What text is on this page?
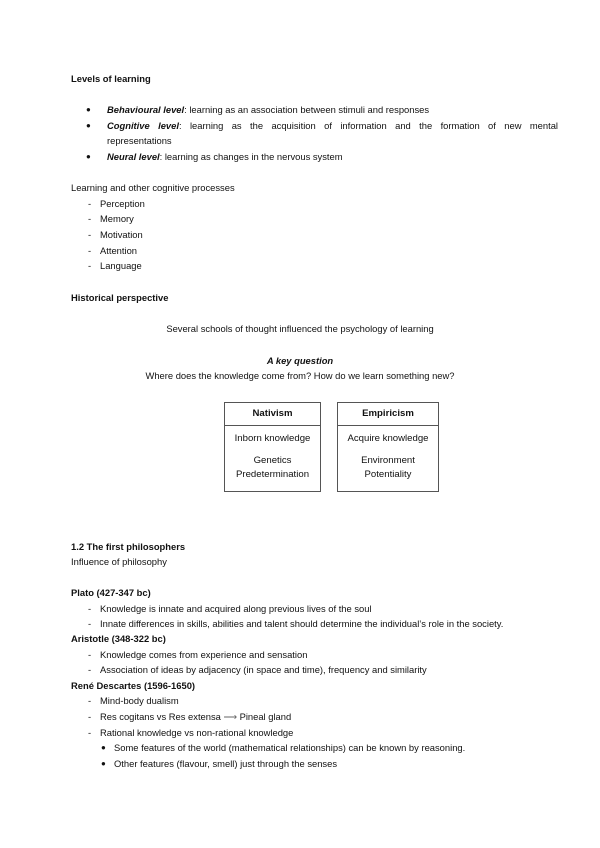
Levels of learning
● Behavioural level: learning as an association between stimuli and responses
● Cognitive level: learning as the acquisition of information and the formation of new mental
representations
● Neural level: learning as changes in the nervous system
Learning and other cognitive processes
- Perception
- Memory
- Motivation
- Attention
- Language
Historical perspective
Several schools of thought influenced the psychology of learning
A key question
Where does the knowledge come from? How do we learn something new?
Nativism
Inborn knowledge
Genetics
Predetermination
Empiricism
Acquire knowledge
Environment
Potentiality
1.2 The first philosophers
Influence of philosophy
Plato (427-347 bc)
- Knowledge is innate and acquired along previous lives of the soul
- Innate differences in skills, abilities and talent should determine the individual’s role in the society.
Aristotle (348-322 bc)
- Knowledge comes from experience and sensation
- Association of ideas by adjacency (in space and time), frequency and similarity
René Descartes (1596-1650)
- Mind-body dualism
- Res cogitans vs Res extensa ⟶ Pineal gland
- Rational knowledge vs non-rational knowledge
● Some features of the world (mathematical relationships) can be known by reasoning.
● Other features (flavour, smell) just through the senses
